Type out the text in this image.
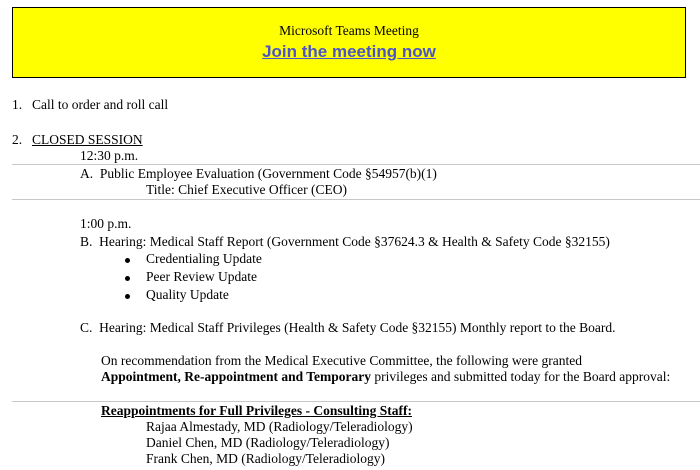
Microsoft Teams Meeting
Join the meeting now
1. Call to order and roll call
2. CLOSED SESSION
12:30 p.m.
A. Public Employee Evaluation (Government Code §54957(b)(1)
Title: Chief Executive Officer (CEO)
1:00 p.m.
B. Hearing: Medical Staff Report (Government Code §37624.3 & Health & Safety Code §32155)
Credentialing Update
Peer Review Update
Quality Update
C. Hearing: Medical Staff Privileges (Health & Safety Code §32155) Monthly report to the Board.
On recommendation from the Medical Executive Committee, the following were granted
Appointment, Re-appointment and Temporary privileges and submitted today for the Board approval:
Reappointments for Full Privileges - Consulting Staff:
Rajaa Almestady, MD (Radiology/Teleradiology)
Daniel Chen, MD (Radiology/Teleradiology)
Frank Chen, MD (Radiology/Teleradiology)
